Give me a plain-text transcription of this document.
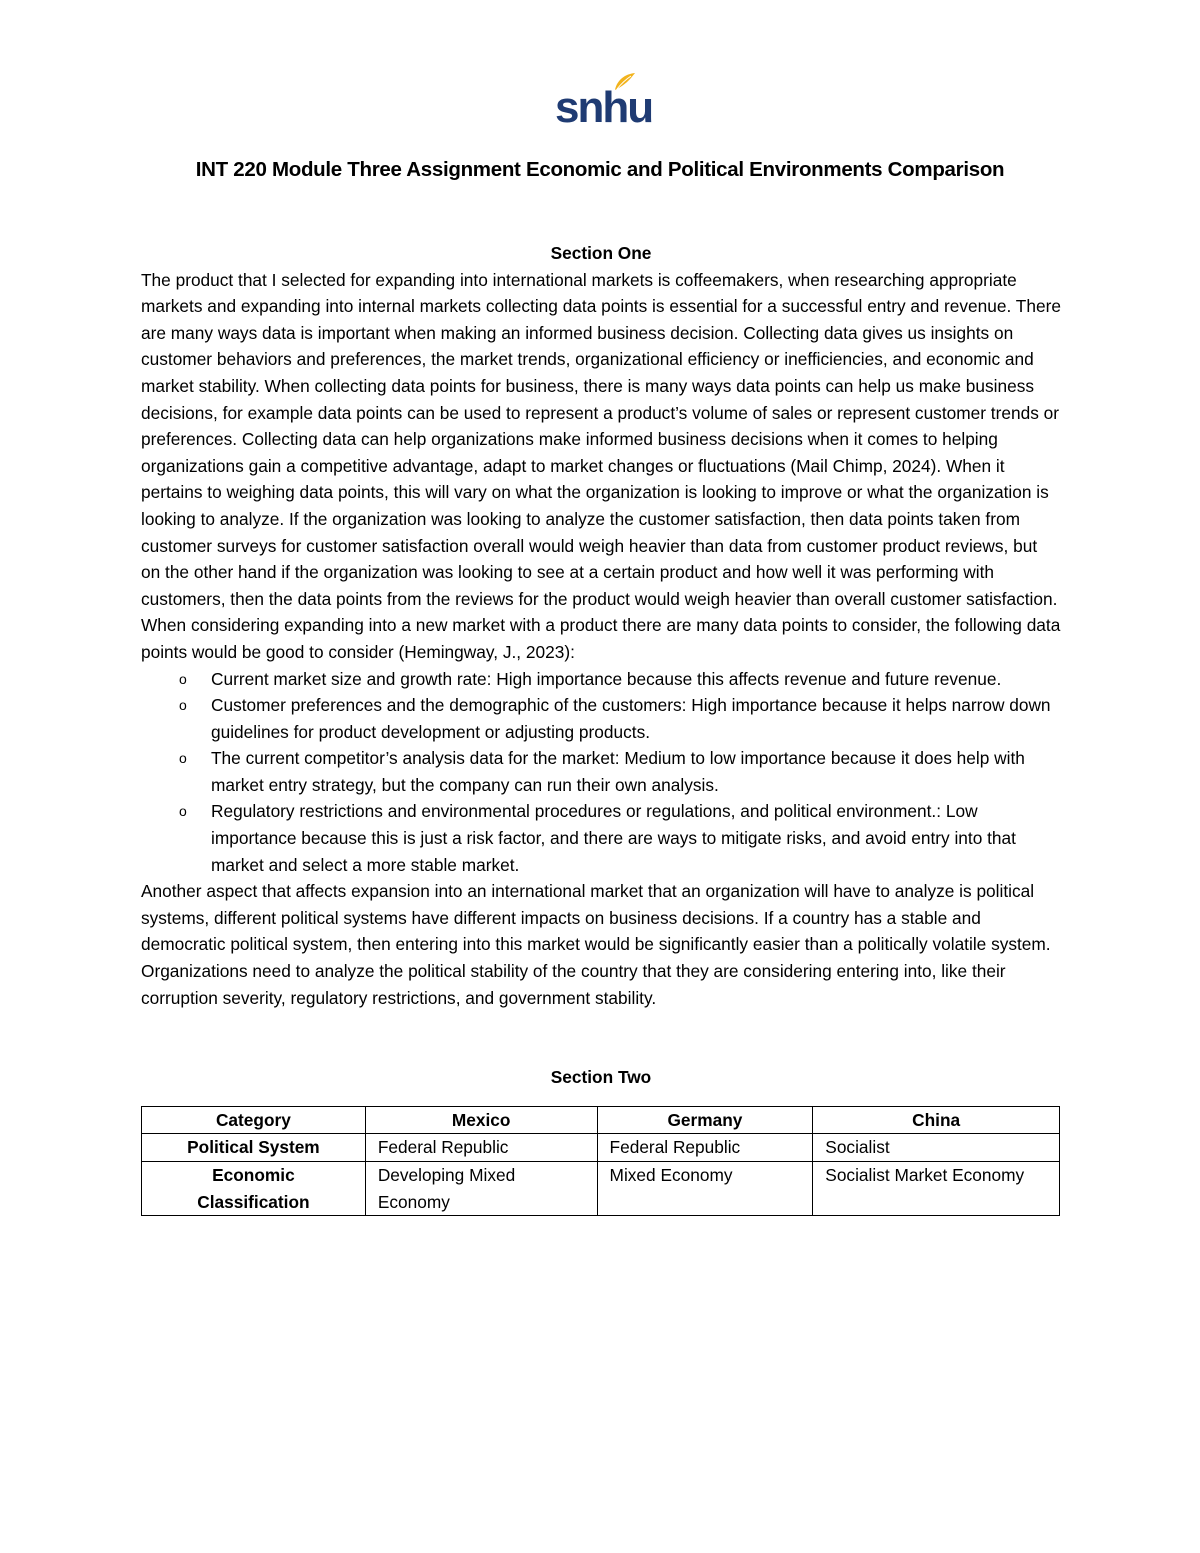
snhu
INT 220 Module Three Assignment Economic and Political Environments Comparison
Section One

The product that I selected for expanding into international markets is coffeemakers, when researching appropriate markets and expanding into internal markets collecting data points is essential for a successful entry and revenue. There are many ways data is important when making an informed business decision. Collecting data gives us insights on customer behaviors and preferences, the market trends, organizational efficiency or inefficiencies, and economic and market stability. When collecting data points for business, there is many ways data points can help us make business decisions, for example data points can be used to represent a product’s volume of sales or represent customer trends or preferences. Collecting data can help organizations make informed business decisions when it comes to helping organizations gain a competitive advantage, adapt to market changes or fluctuations (Mail Chimp, 2024). When it pertains to weighing data points, this will vary on what the organization is looking to improve or what the organization is looking to analyze. If the organization was looking to analyze the customer satisfaction, then data points taken from customer surveys for customer satisfaction overall would weigh heavier than data from customer product reviews, but on the other hand if the organization was looking to see at a certain product and how well it was performing with customers, then the data points from the reviews for the product would weigh heavier than overall customer satisfaction. When considering expanding into a new market with a product there are many data points to consider, the following data points would be good to consider (Hemingway, J., 2023):

o Current market size and growth rate: High importance because this affects revenue and future revenue.
o Customer preferences and the demographic of the customers: High importance because it helps narrow down guidelines for product development or adjusting products.
o The current competitor’s analysis data for the market: Medium to low importance because it does help with market entry strategy, but the company can run their own analysis.
o Regulatory restrictions and environmental procedures or regulations, and political environment.: Low importance because this is just a risk factor, and there are ways to mitigate risks, and avoid entry into that market and select a more stable market.

Another aspect that affects expansion into an international market that an organization will have to analyze is political systems, different political systems have different impacts on business decisions. If a country has a stable and democratic political system, then entering into this market would be significantly easier than a politically volatile system. Organizations need to analyze the political stability of the country that they are considering entering into, like their corruption severity, regulatory restrictions, and government stability.

Section Two
Category	Mexico	Germany	China
Political System	Federal Republic	Federal Republic	Socialist
Economic Classification	Developing Mixed Economy	Mixed Economy	Socialist Market Economy
